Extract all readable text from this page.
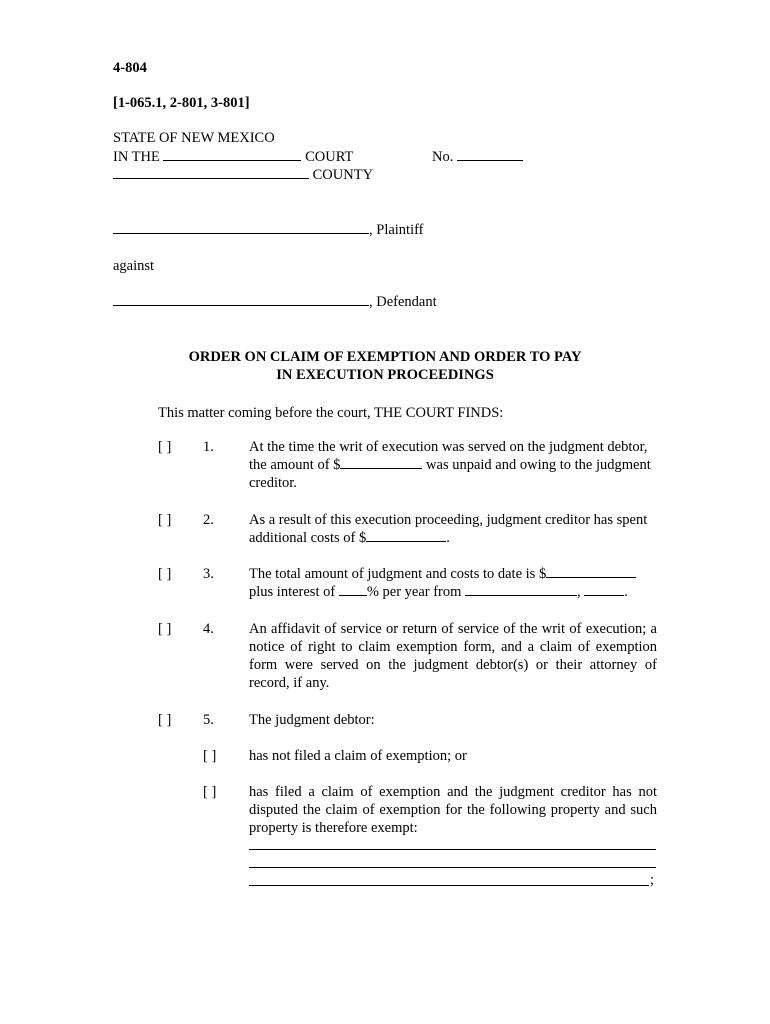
4-804
[1-065.1, 2-801, 3-801]
STATE OF NEW MEXICO
IN THE	COURT	No.
COUNTY
, Plaintiff
against
, Defendant
ORDER ON CLAIM OF EXEMPTION AND ORDER TO PAY
IN EXECUTION PROCEEDINGS
This matter coming before the court, THE COURT FINDS:
[ ] 1. At the time the writ of execution was served on the judgment debtor,
the amount of $	was unpaid and owing to the judgment
creditor.
[ ] 2. As a result of this execution proceeding, judgment creditor has spent
additional costs of $	.
[ ] 3. The total amount of judgment and costs to date is $
plus interest of % per year from	,	.
[ ] 4. An affidavit of service or return of service of the writ of execution; a notice of right to claim exemption form, and a claim of exemption form were served on the judgment debtor(s) or their attorney of record, if any.
[ ] 5. The judgment debtor:
[ ] has not filed a claim of exemption; or
[ ] has filed a claim of exemption and the judgment creditor has not disputed the claim of exemption for the following property and such property is therefore exempt:
;
